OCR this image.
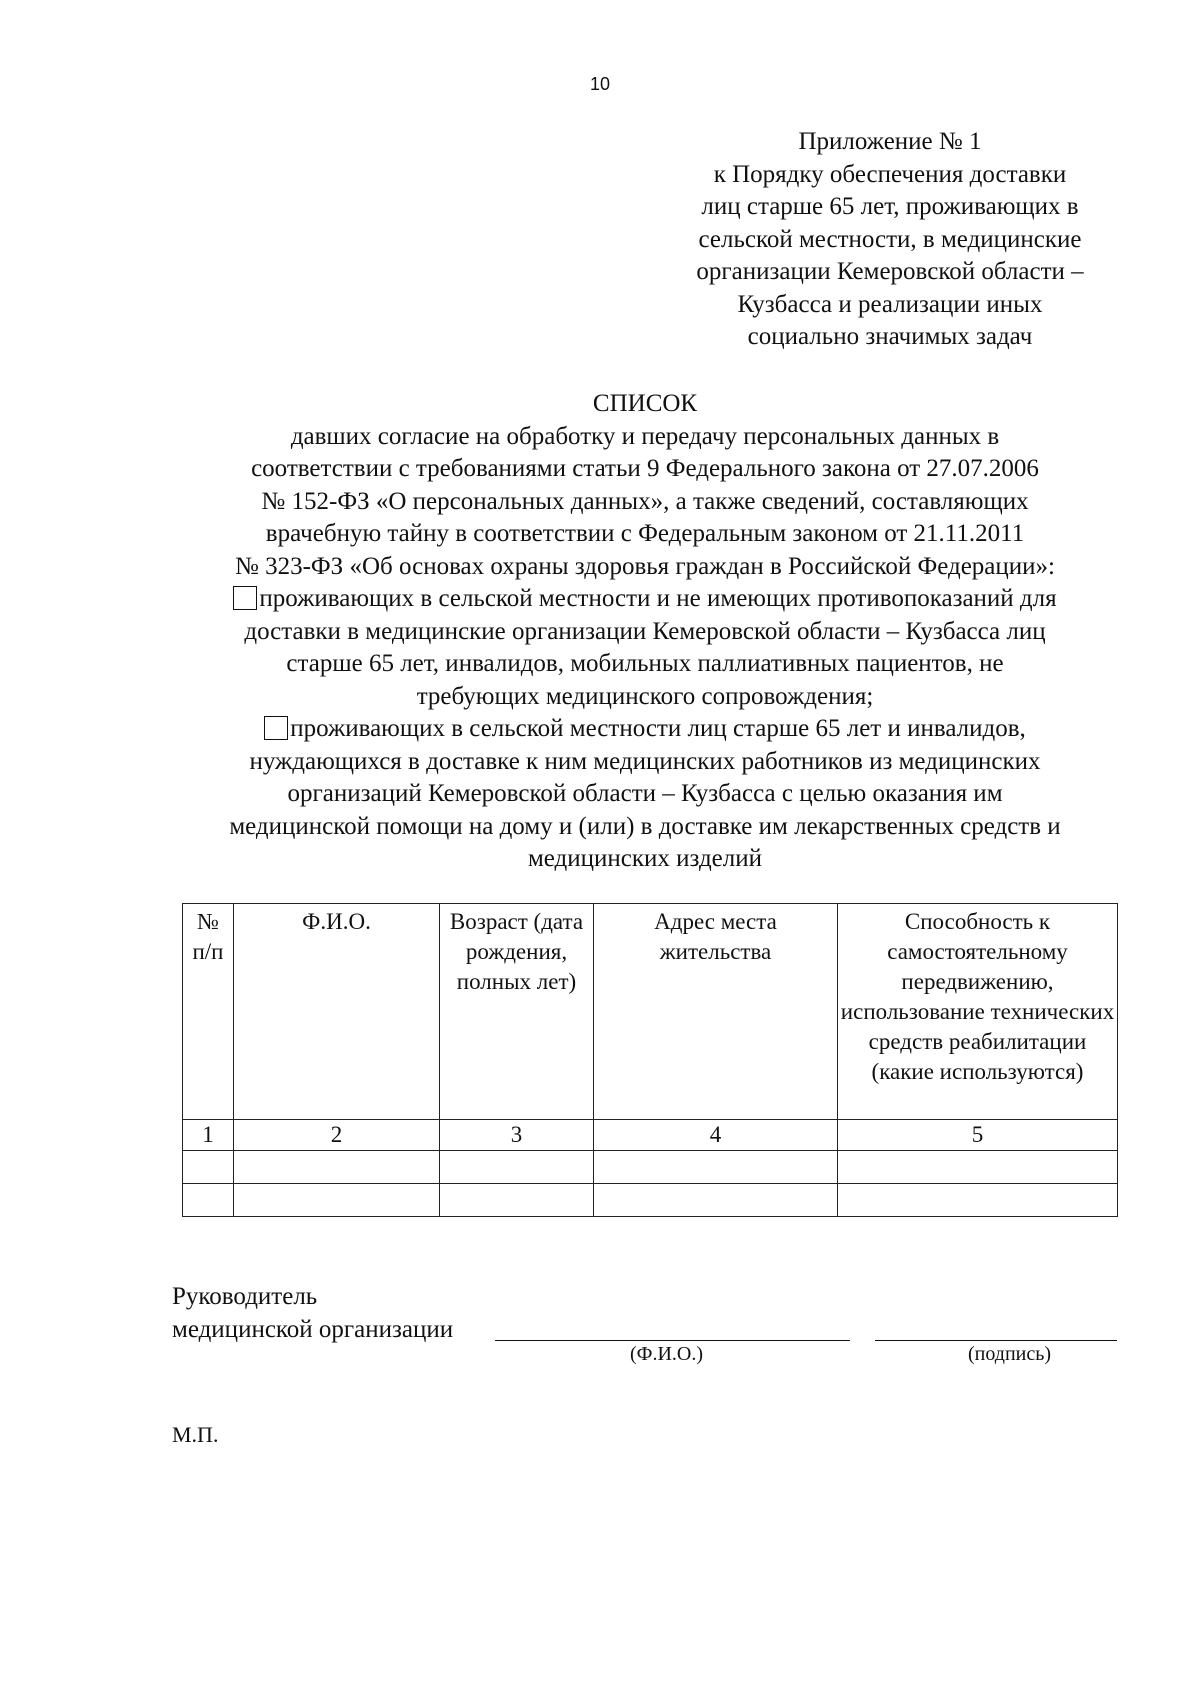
10
Приложение № 1
к Порядку обеспечения доставки
лиц старше 65 лет, проживающих в
сельской местности, в медицинские
организации Кемеровской области –
Кузбасса и реализации иных
социально значимых задач
СПИСОК
давших согласие на обработку и передачу персональных данных в
соответствии с требованиями статьи 9 Федерального закона от 27.07.2006
№ 152-ФЗ «О персональных данных», а также сведений, составляющих
врачебную тайну в соответствии с Федеральным законом от 21.11.2011
№ 323-ФЗ «Об основах охраны здоровья граждан в Российской Федерации»:
проживающих в сельской местности и не имеющих противопоказаний для
доставки в медицинские организации Кемеровской области – Кузбасса лиц
старше 65 лет, инвалидов, мобильных паллиативных пациентов, не
требующих медицинского сопровождения;
проживающих в сельской местности лиц старше 65 лет и инвалидов,
нуждающихся в доставке к ним медицинских работников из медицинских
организаций Кемеровской области – Кузбасса с целью оказания им
медицинской помощи на дому и (или) в доставке им лекарственных средств и
медицинских изделий
№ п/п	Ф.И.О.	Возраст (дата рождения, полных лет)	Адрес места жительства	Способность к самостоятельному передвижению, использование технических средств реабилитации (какие используются)
1	2	3	4	5

Руководитель
медицинской организации
(Ф.И.О.)	(подпись)
М.П.
